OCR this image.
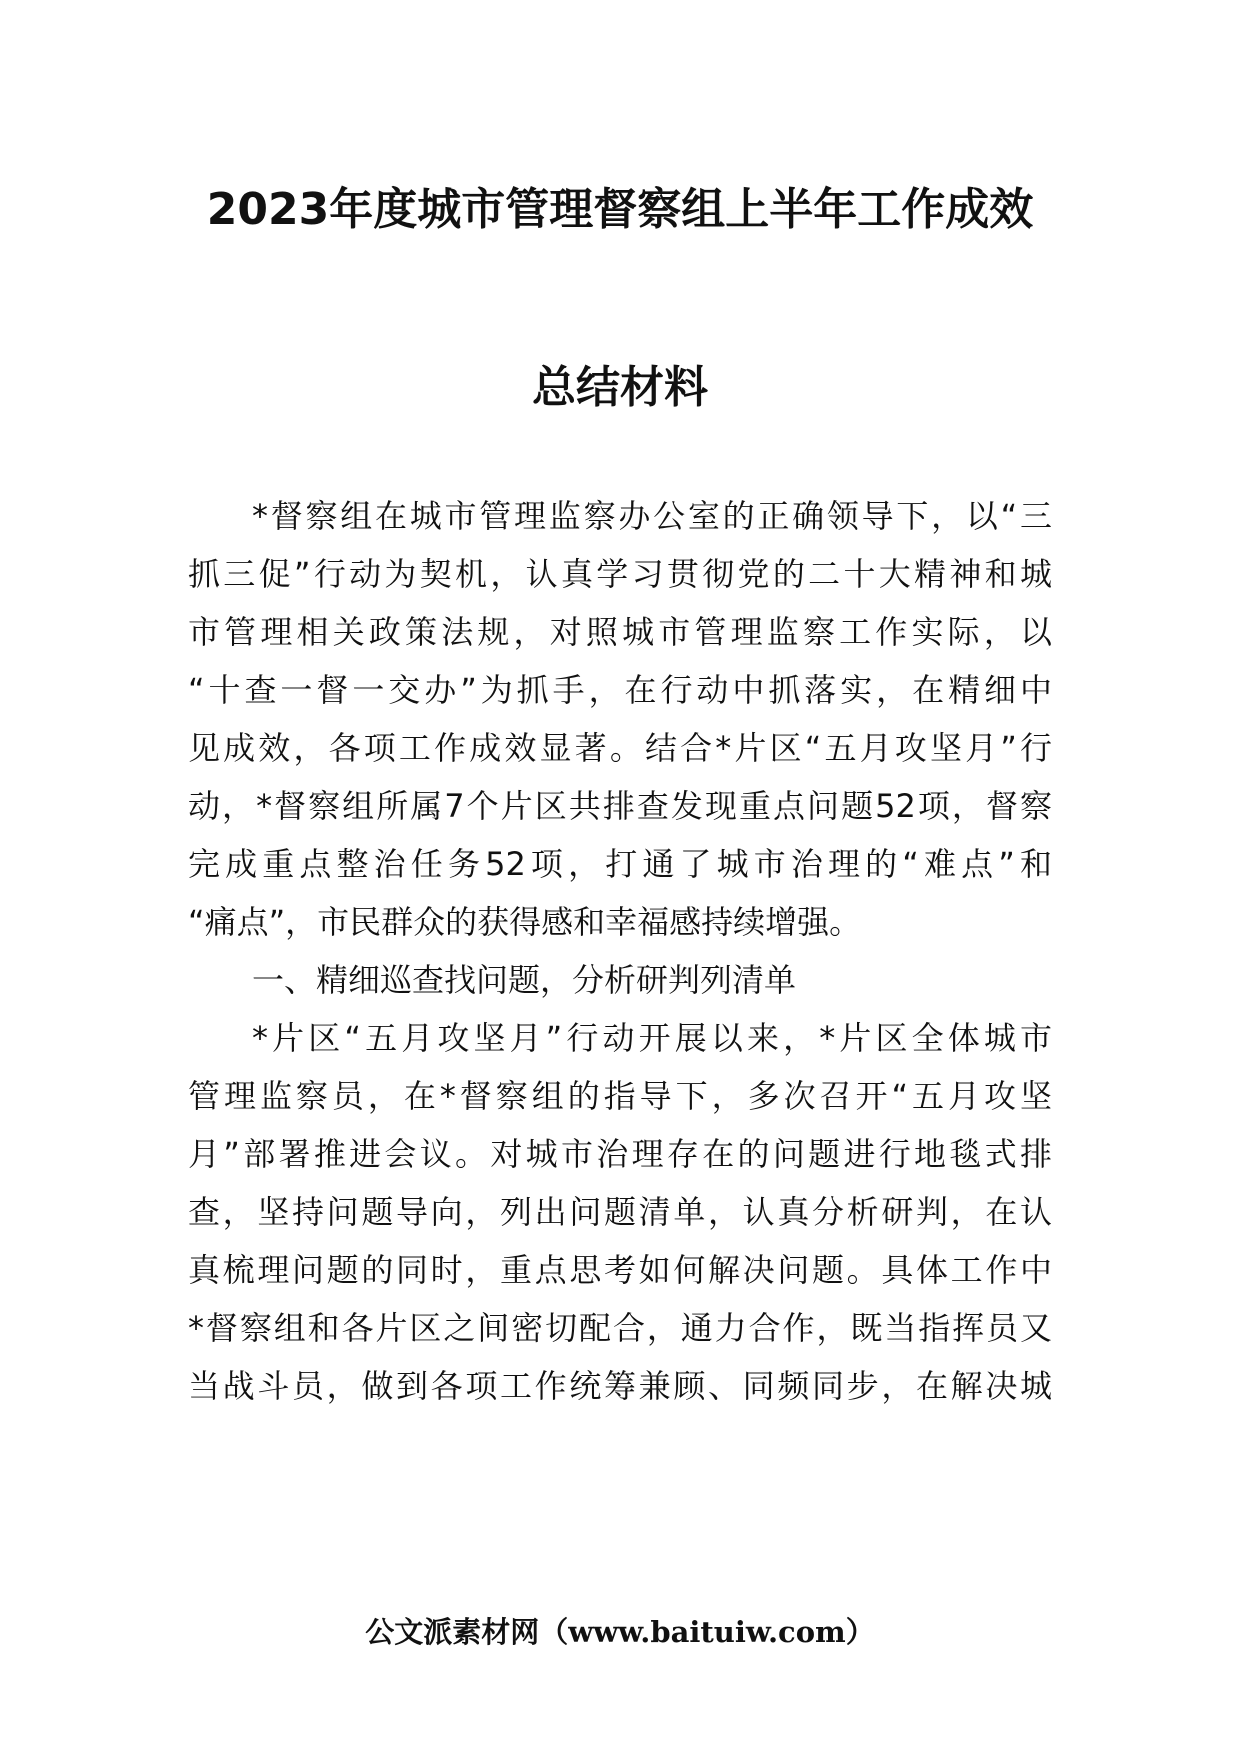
2023年度城市管理督察组上半年工作成效
总结材料
*督察组在城市管理监察办公室的正确领导下，以“三
抓三促”行动为契机，认真学习贯彻党的二十大精神和城
市管理相关政策法规，对照城市管理监察工作实际，以
“十查一督一交办”为抓手，在行动中抓落实，在精细中
见成效，各项工作成效显著。结合*片区“五月攻坚月”行
动，*督察组所属7个片区共排查发现重点问题52项，督察
完成重点整治任务52项，打通了城市治理的“难点”和
“痛点”，市民群众的获得感和幸福感持续增强。
一、精细巡查找问题，分析研判列清单
*片区“五月攻坚月”行动开展以来，*片区全体城市
管理监察员，在*督察组的指导下，多次召开“五月攻坚
月”部署推进会议。对城市治理存在的问题进行地毯式排
查，坚持问题导向，列出问题清单，认真分析研判，在认
真梳理问题的同时，重点思考如何解决问题。具体工作中
*督察组和各片区之间密切配合，通力合作，既当指挥员又
当战斗员，做到各项工作统筹兼顾、同频同步，在解决城
公文派素材网（www.baituiw.com）
